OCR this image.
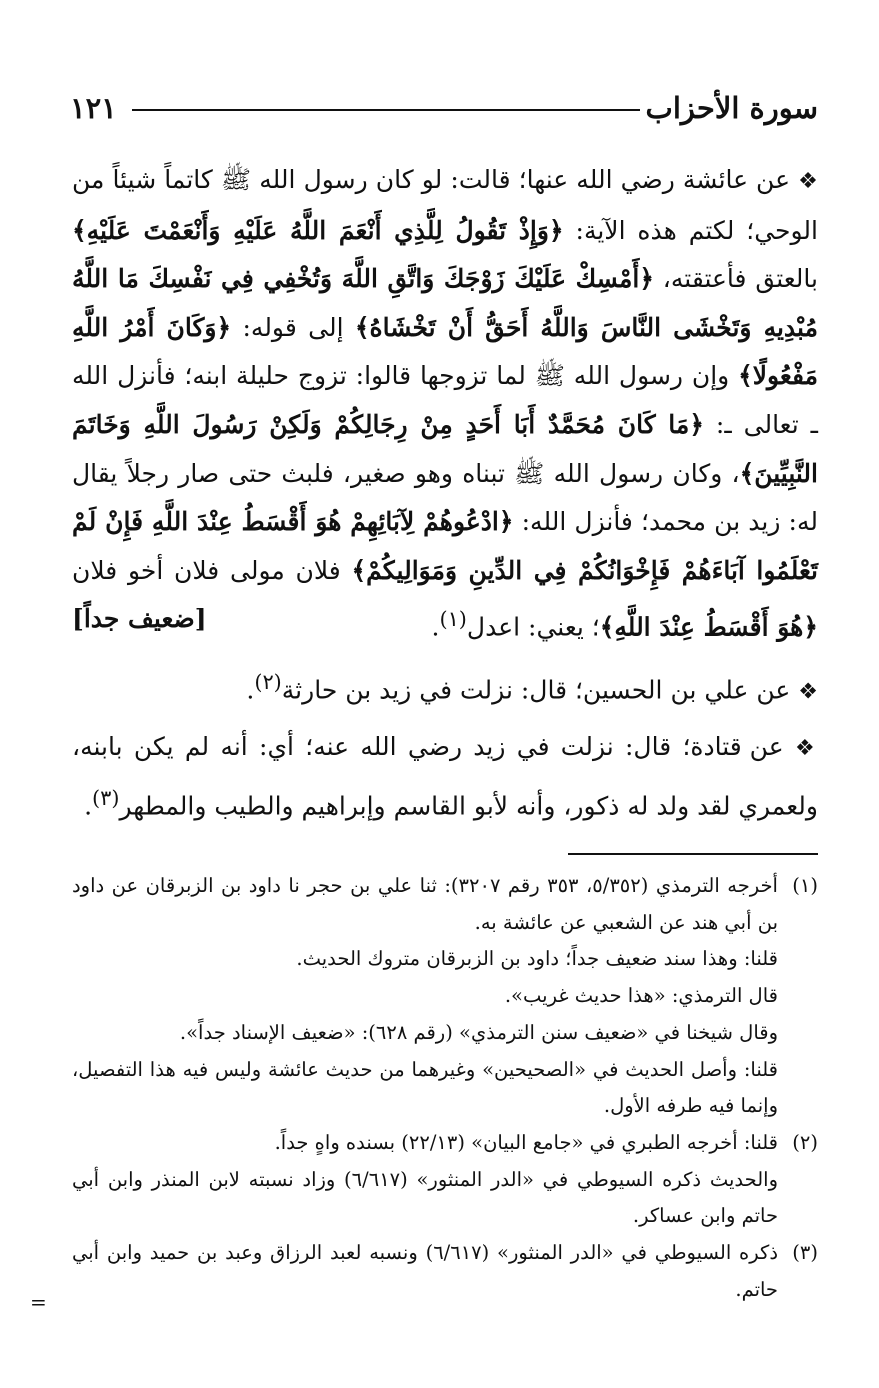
سورة الأحزاب
١٢١

❖ عن عائشة رضي الله عنها؛ قالت: لو كان رسول الله ﷺ كاتماً شيئاً من الوحي؛ لكتم هذه الآية: ﴿وَإِذْ تَقُولُ لِلَّذِي أَنْعَمَ اللَّهُ عَلَيْهِ وَأَنْعَمْتَ عَلَيْهِ﴾ بالعتق فأعتقته، ﴿أَمْسِكْ عَلَيْكَ زَوْجَكَ وَاتَّقِ اللَّهَ وَتُخْفِي فِي نَفْسِكَ مَا اللَّهُ مُبْدِيهِ وَتَخْشَى النَّاسَ وَاللَّهُ أَحَقُّ أَنْ تَخْشَاهُ﴾ إلى قوله: ﴿وَكَانَ أَمْرُ اللَّهِ مَفْعُولًا﴾ وإن رسول الله ﷺ لما تزوجها قالوا: تزوج حليلة ابنه؛ فأنزل الله ـ تعالى ـ: ﴿مَا كَانَ مُحَمَّدٌ أَبَا أَحَدٍ مِنْ رِجَالِكُمْ وَلَكِنْ رَسُولَ اللَّهِ وَخَاتَمَ النَّبِيِّينَ﴾، وكان رسول الله ﷺ تبناه وهو صغير، فلبث حتى صار رجلاً يقال له: زيد بن محمد؛ فأنزل الله: ﴿ادْعُوهُمْ لِآبَائِهِمْ هُوَ أَقْسَطُ عِنْدَ اللَّهِ فَإِنْ لَمْ تَعْلَمُوا آبَاءَهُمْ فَإِخْوَانُكُمْ فِي الدِّينِ وَمَوَالِيكُمْ﴾ فلان مولى فلان أخو فلان ﴿هُوَ أَقْسَطُ عِنْدَ اللَّهِ﴾؛ يعني: اعدل$^{(١)}$.
[ضعيف جداً]

❖ عن علي بن الحسين؛ قال: نزلت في زيد بن حارثة$^{(٢)}$.

❖ عن قتادة؛ قال: نزلت في زيد رضي الله عنه؛ أي: أنه لم يكن بابنه، ولعمري لقد ولد له ذكور، وأنه لأبو القاسم وإبراهيم والطيب والمطهر$^{(٣)}$.

(١)
أخرجه الترمذي (٥/٣٥٢، ٣٥٣ رقم ٣٢٠٧): ثنا علي بن حجر نا داود بن الزبرقان عن داود بن أبي هند عن الشعبي عن عائشة به.
قلنا: وهذا سند ضعيف جداً؛ داود بن الزبرقان متروك الحديث.
قال الترمذي: «هذا حديث غريب».
وقال شيخنا في «ضعيف سنن الترمذي» (رقم ٦٢٨): «ضعيف الإسناد جداً».
قلنا: وأصل الحديث في «الصحيحين» وغيرهما من حديث عائشة وليس فيه هذا التفصيل، وإنما فيه طرفه الأول.
(٢)
قلنا: أخرجه الطبري في «جامع البيان» (٢٢/١٣) بسنده واهٍ جداً.
والحديث ذكره السيوطي في «الدر المنثور» (٦/٦١٧) وزاد نسبته لابن المنذر وابن أبي حاتم وابن عساكر.
(٣)
ذكره السيوطي في «الدر المنثور» (٦/٦١٧) ونسبه لعبد الرزاق وعبد بن حميد وابن أبي حاتم.
=
